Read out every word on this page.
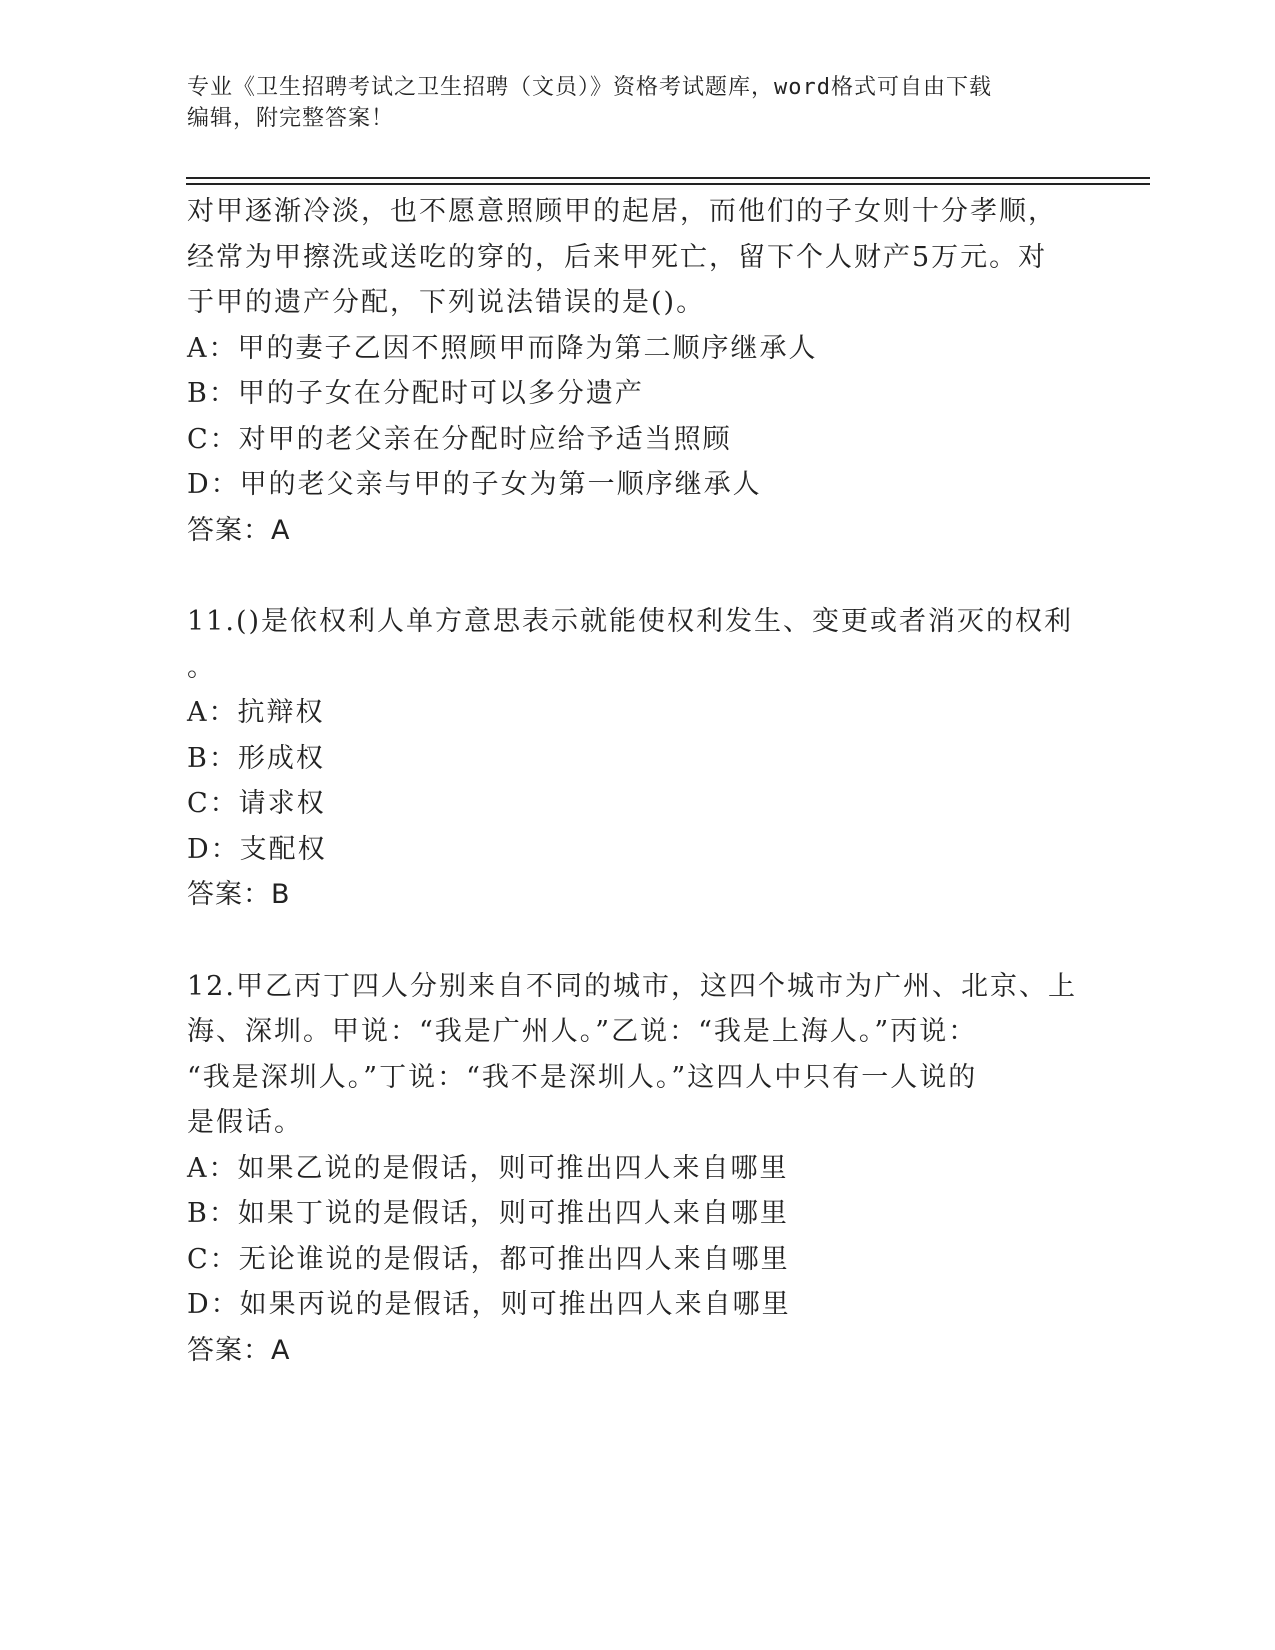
专业《卫生招聘考试之卫生招聘（文员）》资格考试题库，word格式可自由下载
编辑，附完整答案！
对甲逐渐冷淡，也不愿意照顾甲的起居，而他们的子女则十分孝顺，
经常为甲擦洗或送吃的穿的，后来甲死亡，留下个人财产5万元。对
于甲的遗产分配，下列说法错误的是()。
A：甲的妻子乙因不照顾甲而降为第二顺序继承人
B：甲的子女在分配时可以多分遗产
C：对甲的老父亲在分配时应给予适当照顾
D：甲的老父亲与甲的子女为第一顺序继承人
答案：A
11.()是依权利人单方意思表示就能使权利发生、变更或者消灭的权利
。
A：抗辩权
B：形成权
C：请求权
D：支配权
答案：B
12.甲乙丙丁四人分别来自不同的城市，这四个城市为广州、北京、上
海、深圳。甲说：“我是广州人。”乙说：“我是上海人。”丙说：
“我是深圳人。”丁说：“我不是深圳人。”这四人中只有一人说的
是假话。
A：如果乙说的是假话，则可推出四人来自哪里
B：如果丁说的是假话，则可推出四人来自哪里
C：无论谁说的是假话，都可推出四人来自哪里
D：如果丙说的是假话，则可推出四人来自哪里
答案：A
